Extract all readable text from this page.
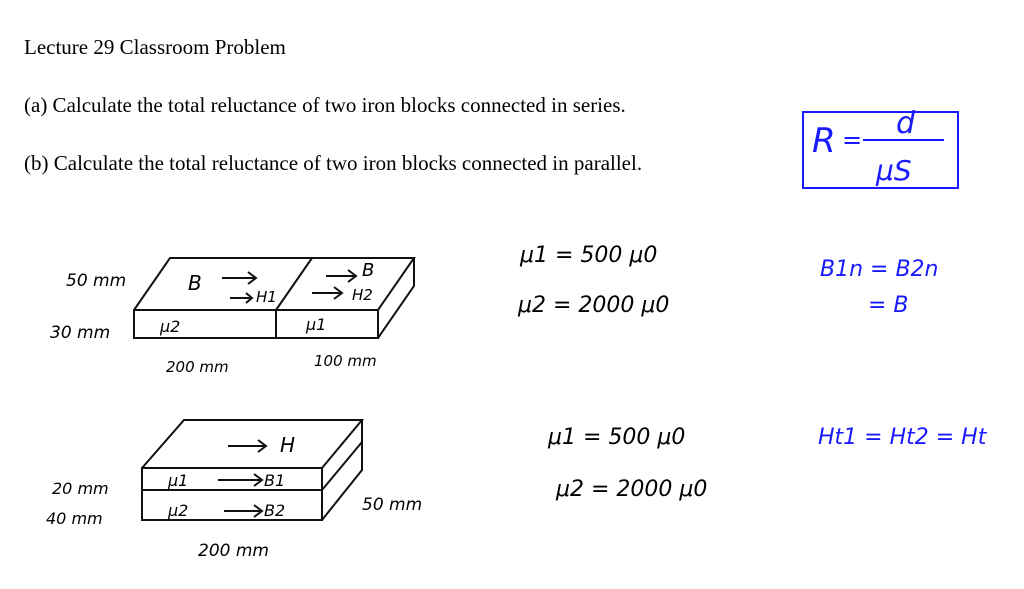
Lecture 29 Classroom Problem
(a) Calculate the total reluctance of two iron blocks connected in series.
(b) Calculate the total reluctance of two iron blocks connected in parallel.
R = d
μS
50 mm
30 mm
B
H1
B
H2
μ2	μ1
200 mm	100 mm
μ1 = 500 μ0
μ2 = 2000 μ0
B1n = B2n
= B
H
20 mm
40 mm
μ1	B1
μ2	B2	50 mm
200 mm
μ1 = 500 μ0
μ2 = 2000 μ0
Ht1 = Ht2 = Ht
